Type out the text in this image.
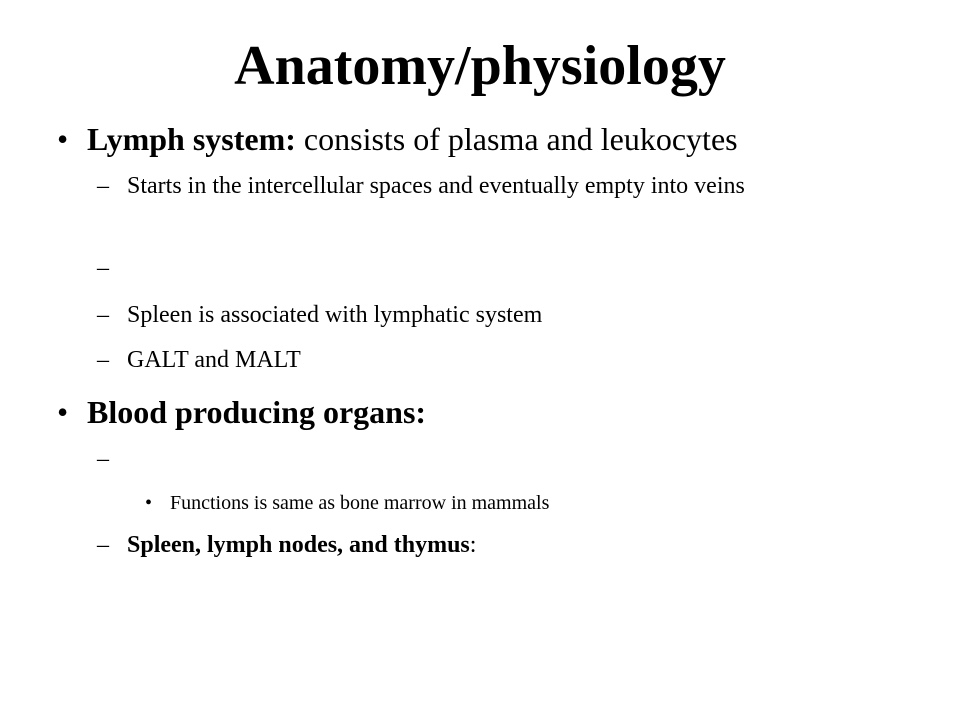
Anatomy/physiology
• Lymph system: consists of plasma and leukocytes
– Starts in the intercellular spaces and eventually empty into veins
–
– Spleen is associated with lymphatic system
– GALT and MALT
• Blood producing organs:
–
• Functions is same as bone marrow in mammals
– Spleen, lymph nodes, and thymus:
